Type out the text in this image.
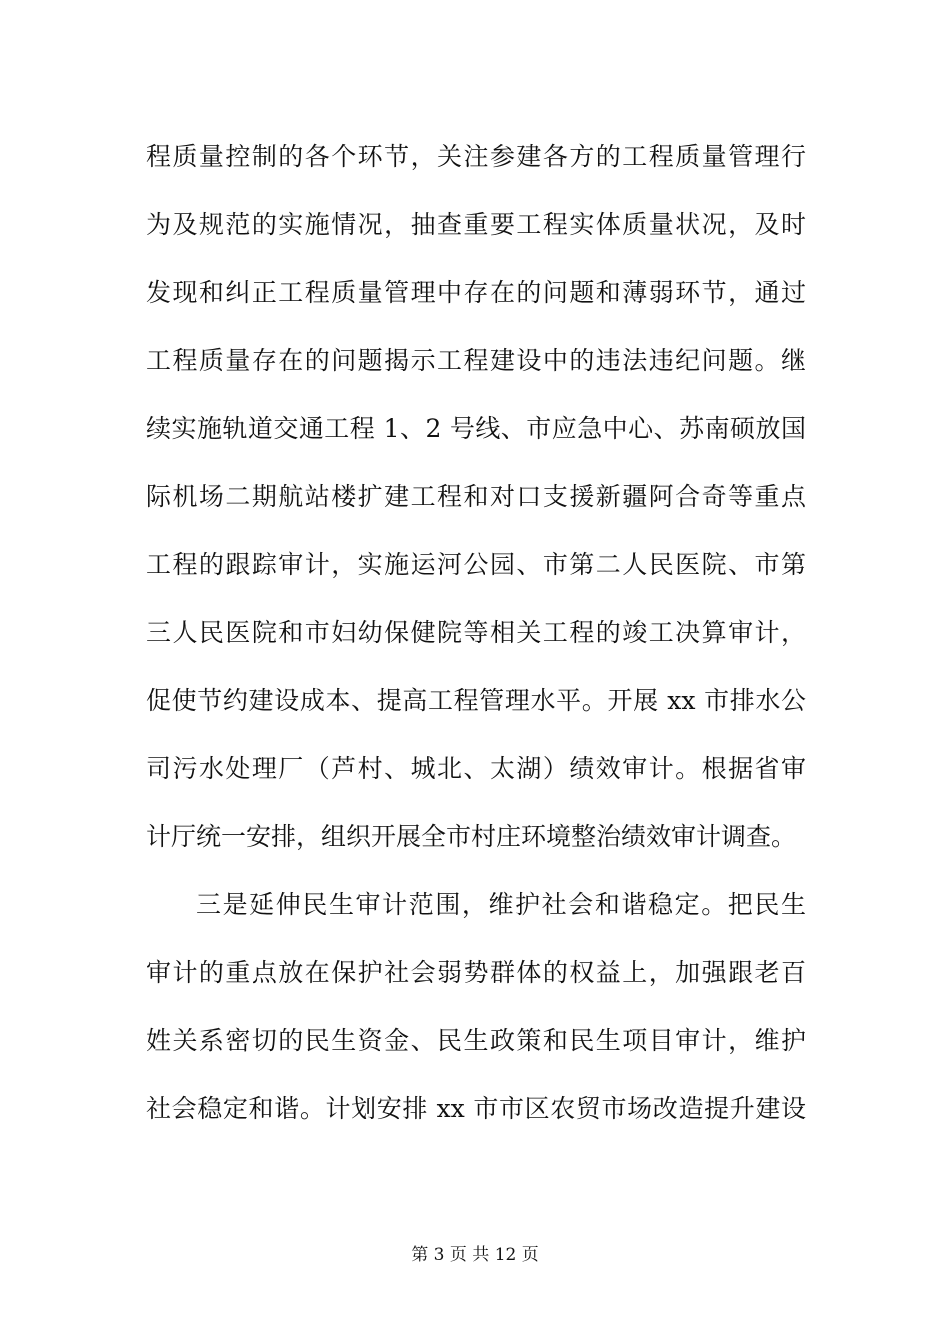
程质量控制的各个环节，关注参建各方的工程质量管理行
为及规范的实施情况，抽查重要工程实体质量状况，及时
发现和纠正工程质量管理中存在的问题和薄弱环节，通过
工程质量存在的问题揭示工程建设中的违法违纪问题。继
续实施轨道交通工程 1、2 号线、市应急中心、苏南硕放国
际机场二期航站楼扩建工程和对口支援新疆阿合奇等重点
工程的跟踪审计，实施运河公园、市第二人民医院、市第
三人民医院和市妇幼保健院等相关工程的竣工决算审计，
促使节约建设成本、提高工程管理水平。开展 xx 市排水公
司污水处理厂（芦村、城北、太湖）绩效审计。根据省审
计厅统一安排，组织开展全市村庄环境整治绩效审计调查。
三是延伸民生审计范围，维护社会和谐稳定。把民生
审计的重点放在保护社会弱势群体的权益上，加强跟老百
姓关系密切的民生资金、民生政策和民生项目审计，维护
社会稳定和谐。计划安排 xx 市市区农贸市场改造提升建设
第 3 页 共 12 页
